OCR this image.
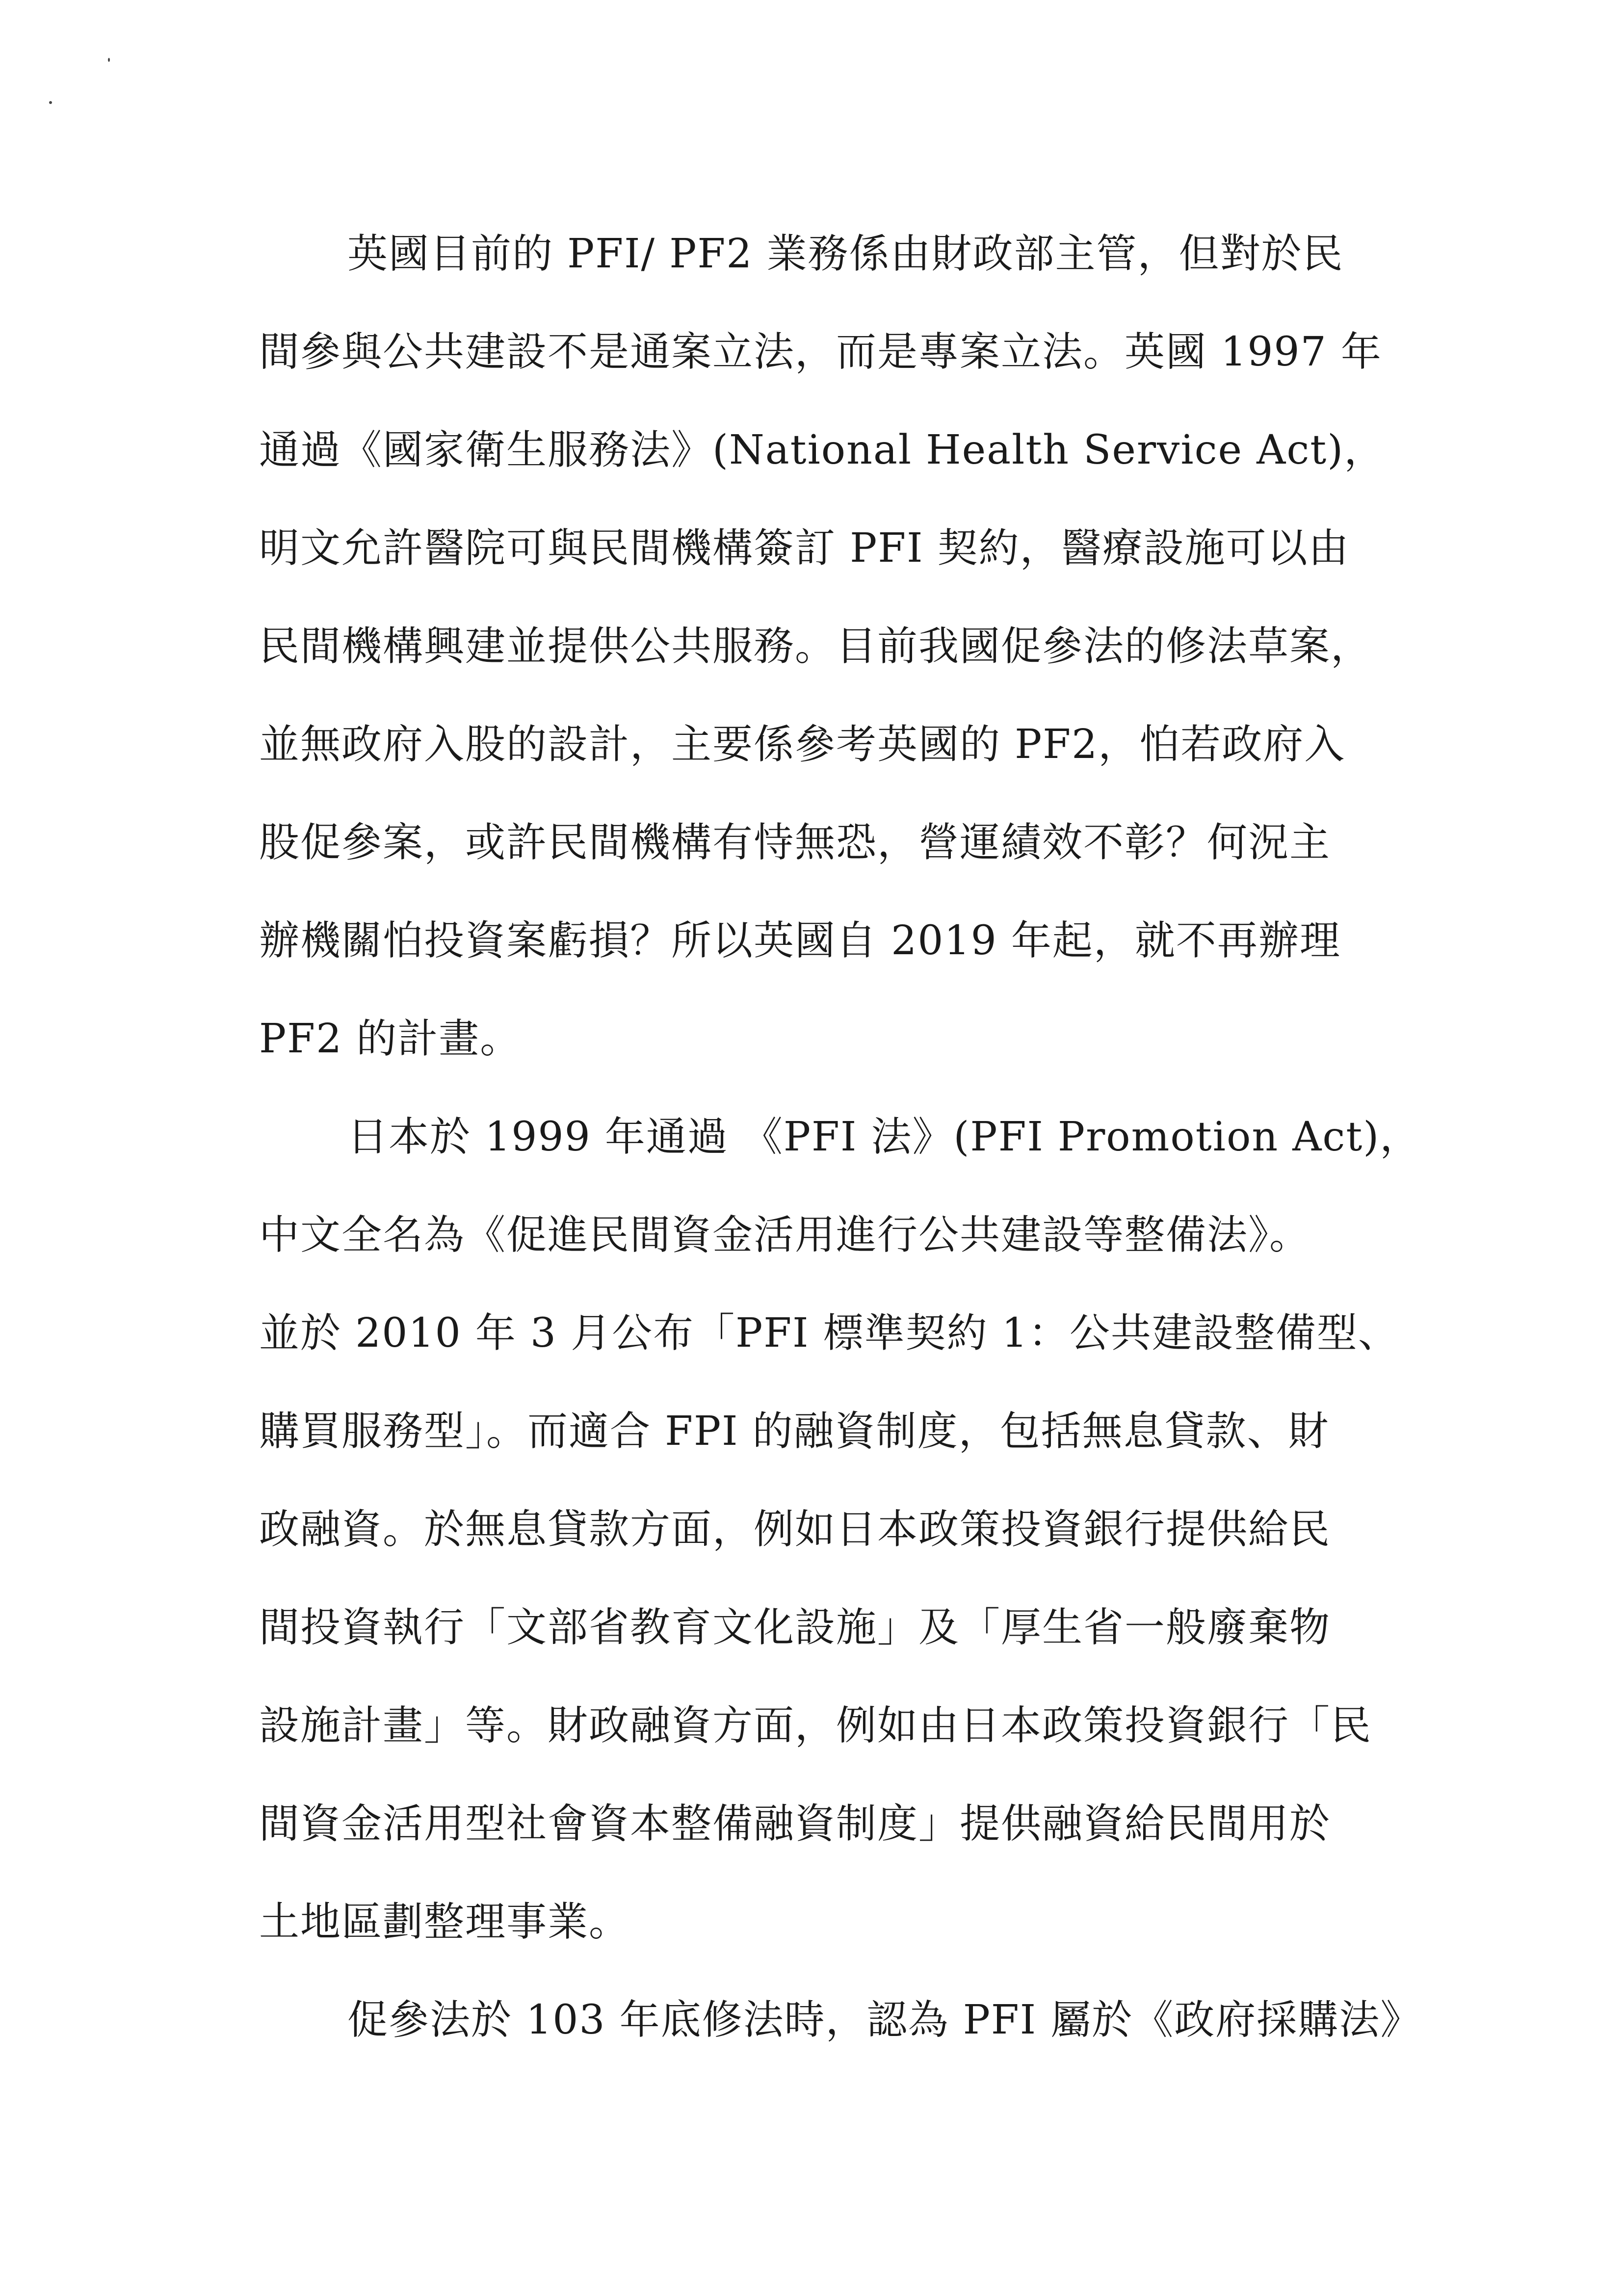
英國目前的 PFI/ PF2 業務係由財政部主管，但對於民
間參與公共建設不是通案立法，而是專案立法。英國 1997 年
通過《國家衛生服務法》(National Health Service Act)，
明文允許醫院可與民間機構簽訂 PFI 契約，醫療設施可以由
民間機構興建並提供公共服務。目前我國促參法的修法草案，
並無政府入股的設計，主要係參考英國的 PF2，怕若政府入
股促參案，或許民間機構有恃無恐，營運績效不彰？何況主
辦機關怕投資案虧損？所以英國自 2019 年起，就不再辦理
PF2 的計畫。
日本於 1999 年通過 《PFI 法》(PFI Promotion Act)，
中文全名為《促進民間資金活用進行公共建設等整備法》。
並於 2010 年 3 月公布「PFI 標準契約 1：公共建設整備型、
購買服務型」。而適合 FPI 的融資制度，包括無息貸款、財
政融資。於無息貸款方面，例如日本政策投資銀行提供給民
間投資執行「文部省教育文化設施」及「厚生省一般廢棄物
設施計畫」等。財政融資方面，例如由日本政策投資銀行「民
間資金活用型社會資本整備融資制度」提供融資給民間用於
土地區劃整理事業。
促參法於 103 年底修法時，認為 PFI 屬於《政府採購法》
